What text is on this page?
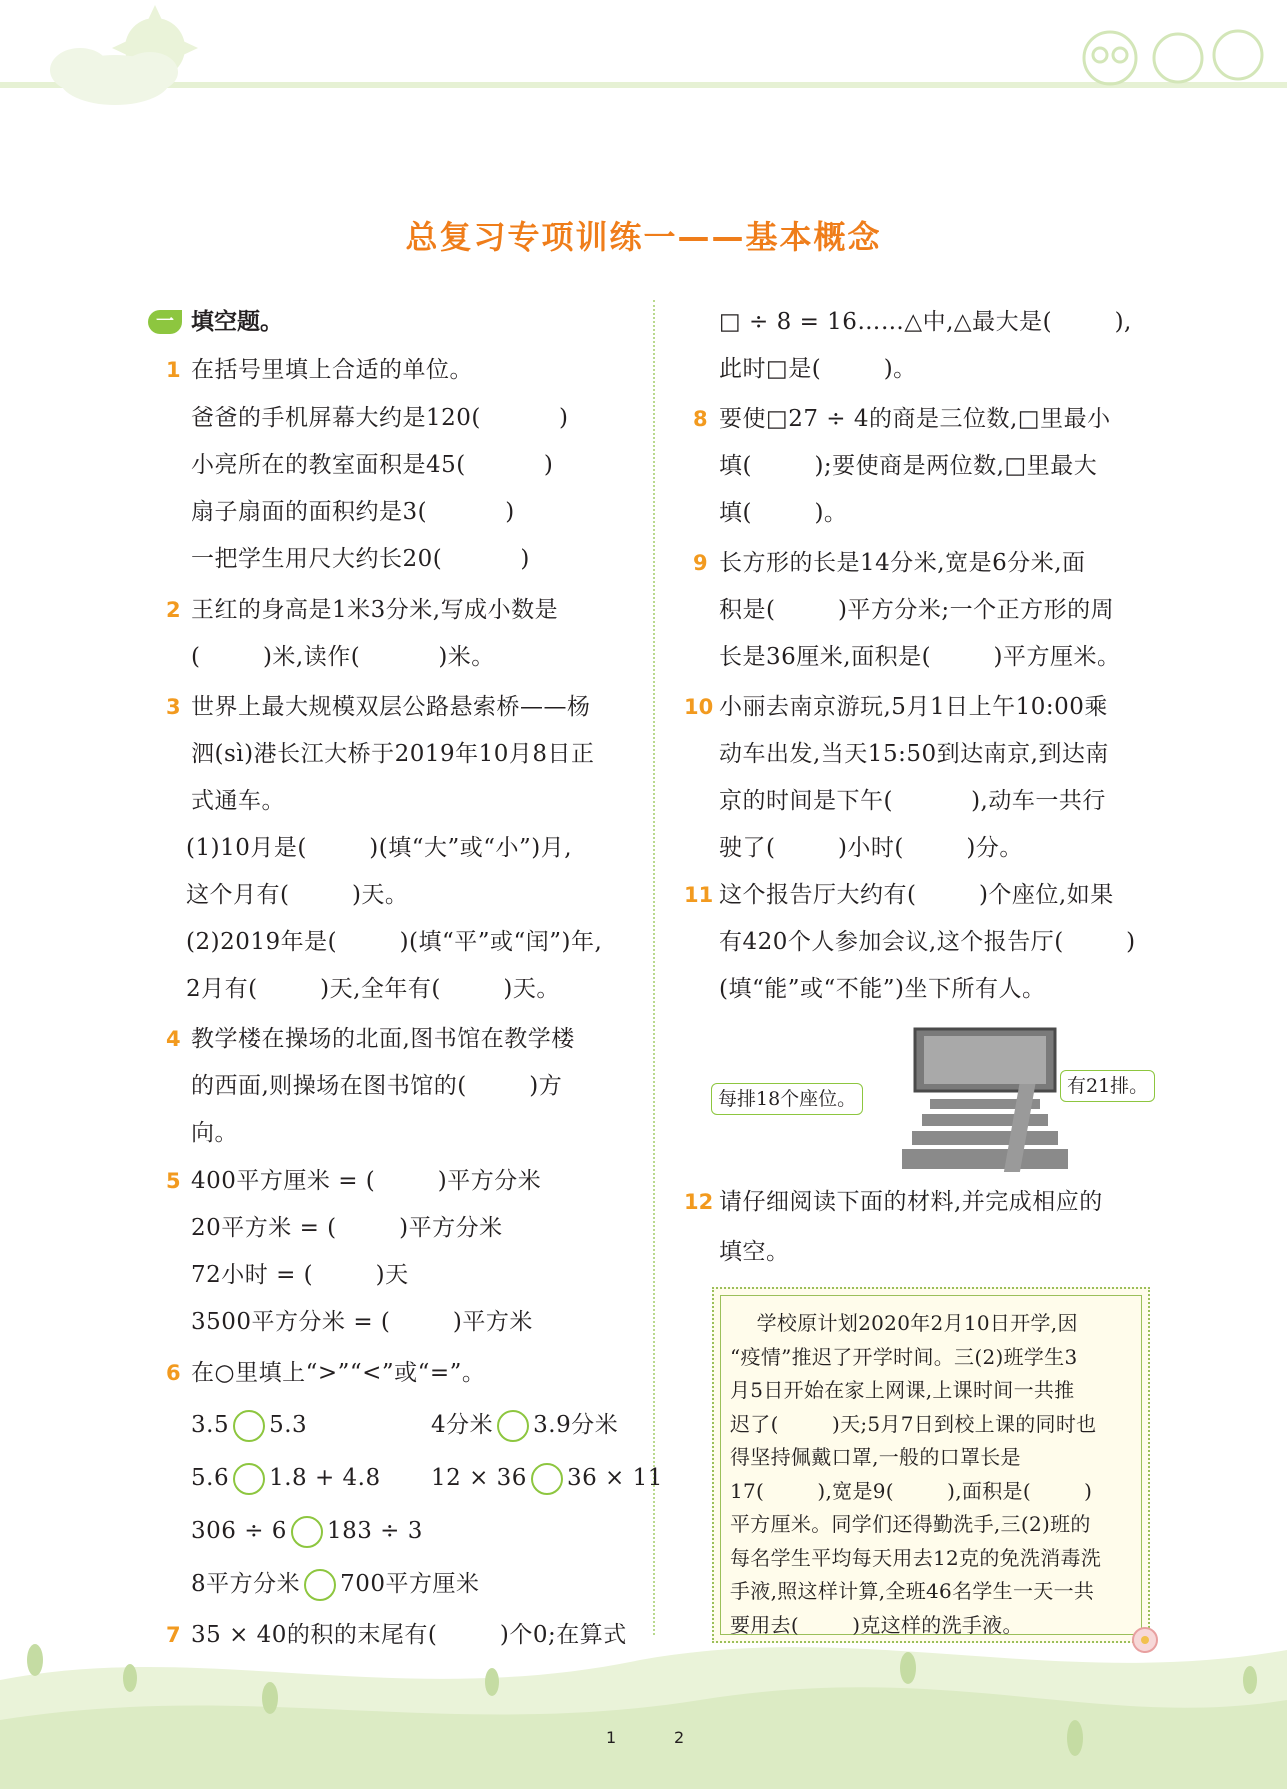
总复习专项训练一——基本概念
一 填空题。
1 在括号里填上合适的单位。
爸爸的手机屏幕大约是120(          )
小亮所在的教室面积是45(          )
扇子扇面的面积约是3(          )
一把学生用尺大约长20(          )
2 王红的身高是1米3分米,写成小数是
(        )米,读作(          )米。
3 世界上最大规模双层公路悬索桥——杨
泗(sì)港长江大桥于2019年10月8日正
式通车。
(1)10月是(        )(填“大”或“小”)月,
这个月有(        )天。
(2)2019年是(        )(填“平”或“闰”)年,
2月有(        )天,全年有(        )天。
4 教学楼在操场的北面,图书馆在教学楼
的西面,则操场在图书馆的(        )方
向。
5 400平方厘米 = (        )平方分米
20平方米 = (        )平方分米
72小时 = (        )天
3500平方分米 = (        )平方米
6 在○里填上“>”“<”或“=”。
3.5 5.3	4分米 3.9分米
5.6 1.8 + 4.8 12 × 36 36 × 11
306 ÷ 6 183 ÷ 3
8平方分米 700平方厘米
7 35 × 40的积的末尾有(        )个0;在算式
□ ÷ 8 = 16……△中,△最大是(        ),
此时□是(        )。
8 要使□27 ÷ 4的商是三位数,□里最小
填(        );要使商是两位数,□里最大
填(        )。
9 长方形的长是14分米,宽是6分米,面
积是(        )平方分米;一个正方形的周
长是36厘米,面积是(        )平方厘米。
10 小丽去南京游玩,5月1日上午10:00乘
动车出发,当天15:50到达南京,到达南
京的时间是下午(          ),动车一共行
驶了(        )小时(        )分。
11 这个报告厅大约有(        )个座位,如果
有420个人参加会议,这个报告厅(        )
(填“能”或“不能”)坐下所有人。
12 请仔细阅读下面的材料,并完成相应的
填空。
每排18个座位。
有21排。
学校原计划2020年2月10日开学,因
“疫情”推迟了开学时间。三(2)班学生3
月5日开始在家上网课,上课时间一共推
迟了(        )天;5月7日到校上课的同时也
得坚持佩戴口罩,一般的口罩长是
17(        ),宽是9(        ),面积是(        )
平方厘米。同学们还得勤洗手,三(2)班的
每名学生平均每天用去12克的免洗消毒洗
手液,照这样计算,全班46名学生一天一共
要用去(        )克这样的洗手液。
1	2
